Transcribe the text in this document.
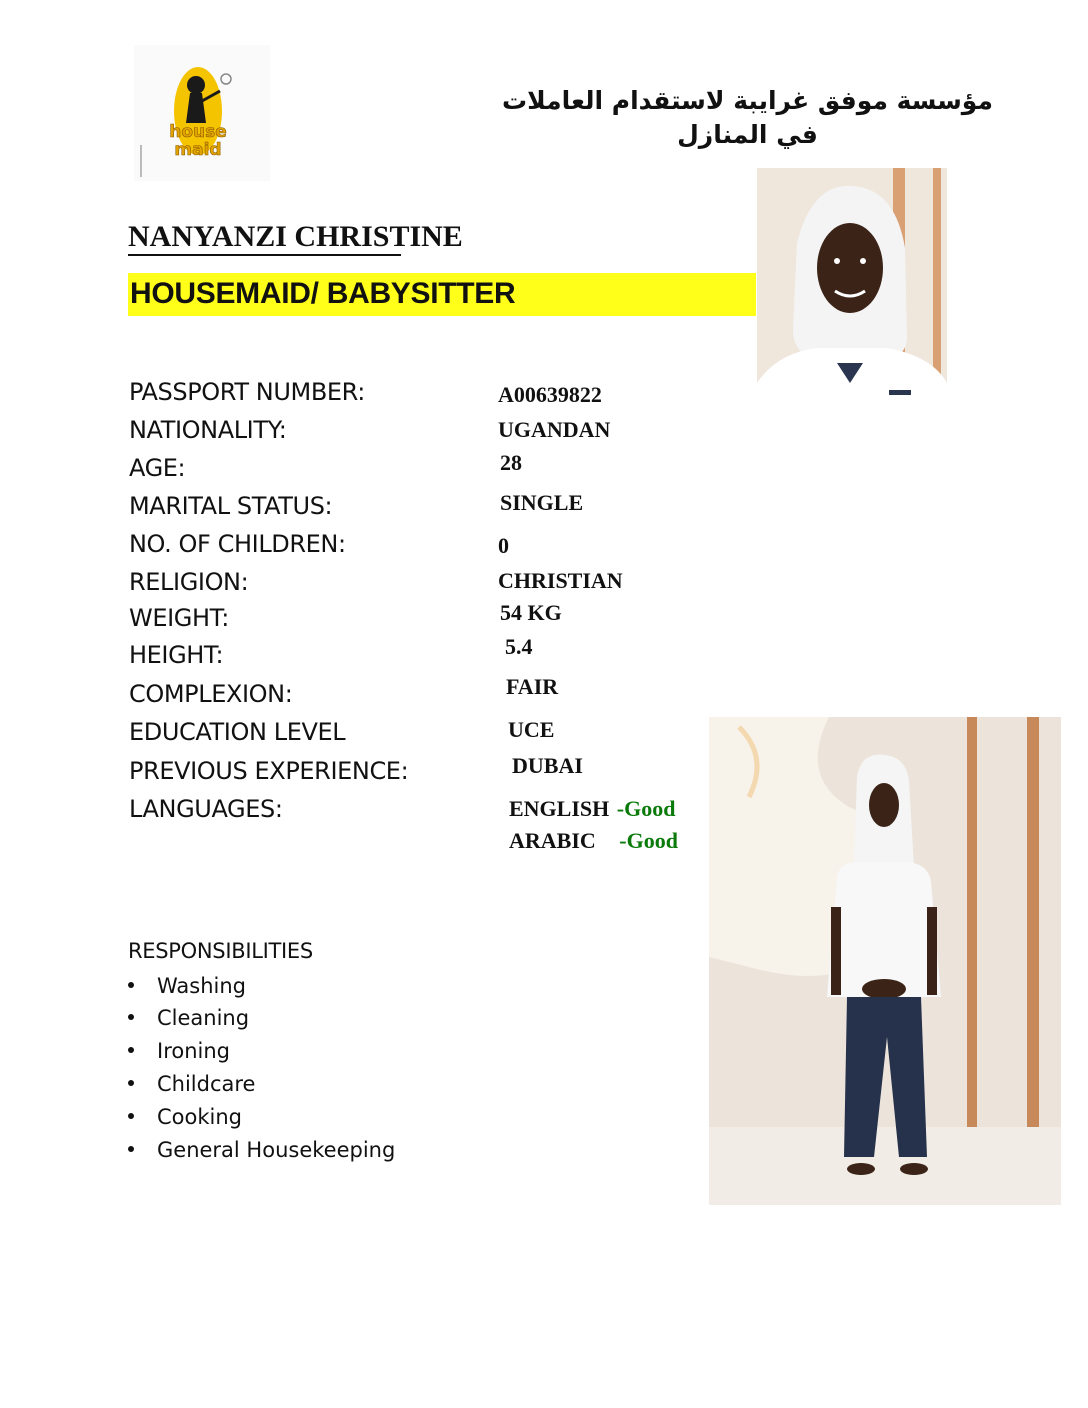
house
maid
مؤسسة موفق غرايبة لاستقدام العاملات في المنازل
NANYANZI CHRISTINE
HOUSEMAID/ BABYSITTER
PASSPORT NUMBER:
NATIONALITY:
AGE:
MARITAL STATUS:
NO. OF CHILDREN:
RELIGION:
WEIGHT:
HEIGHT:
COMPLEXION:
EDUCATION LEVEL
PREVIOUS EXPERIENCE:
LANGUAGES:
A00639822
UGANDAN
28
SINGLE
0
CHRISTIAN
54 KG
5.4
FAIR
UCE
DUBAI
ENGLISH -Good
ARABIC -Good
RESPONSIBILITIES
Washing
Cleaning
Ironing
Childcare
Cooking
General Housekeeping
